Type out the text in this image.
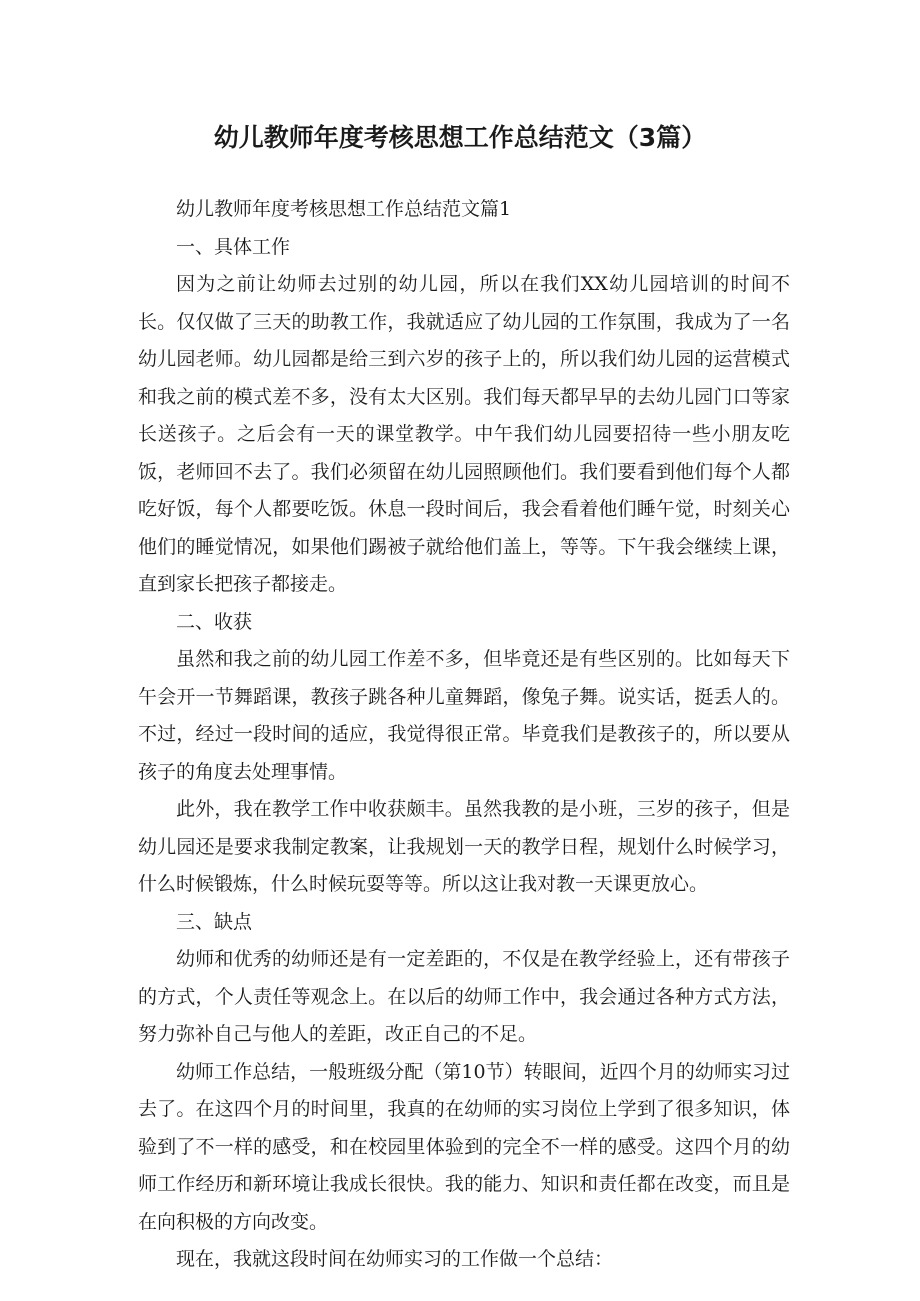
幼儿教师年度考核思想工作总结范文（3篇）

幼儿教师年度考核思想工作总结范文篇1

一、具体工作

因为之前让幼师去过别的幼儿园，所以在我们XX幼儿园培训的时间不长。仅仅做了三天的助教工作，我就适应了幼儿园的工作氛围，我成为了一名幼儿园老师。幼儿园都是给三到六岁的孩子上的，所以我们幼儿园的运营模式和我之前的模式差不多，没有太大区别。我们每天都早早的去幼儿园门口等家长送孩子。之后会有一天的课堂教学。中午我们幼儿园要招待一些小朋友吃饭，老师回不去了。我们必须留在幼儿园照顾他们。我们要看到他们每个人都吃好饭，每个人都要吃饭。休息一段时间后，我会看着他们睡午觉，时刻关心他们的睡觉情况，如果他们踢被子就给他们盖上，等等。下午我会继续上课，直到家长把孩子都接走。

二、收获

虽然和我之前的幼儿园工作差不多，但毕竟还是有些区别的。比如每天下午会开一节舞蹈课，教孩子跳各种儿童舞蹈，像兔子舞。说实话，挺丢人的。不过，经过一段时间的适应，我觉得很正常。毕竟我们是教孩子的，所以要从孩子的角度去处理事情。

此外，我在教学工作中收获颇丰。虽然我教的是小班，三岁的孩子，但是幼儿园还是要求我制定教案，让我规划一天的教学日程，规划什么时候学习，什么时候锻炼，什么时候玩耍等等。所以这让我对教一天课更放心。

三、缺点

幼师和优秀的幼师还是有一定差距的，不仅是在教学经验上，还有带孩子的方式，个人责任等观念上。在以后的幼师工作中，我会通过各种方式方法，努力弥补自己与他人的差距，改正自己的不足。

幼师工作总结，一般班级分配（第10节）转眼间，近四个月的幼师实习过去了。在这四个月的时间里，我真的在幼师的实习岗位上学到了很多知识，体验到了不一样的感受，和在校园里体验到的完全不一样的感受。这四个月的幼师工作经历和新环境让我成长很快。我的能力、知识和责任都在改变，而且是在向积极的方向改变。

现在，我就这段时间在幼师实习的工作做一个总结：
